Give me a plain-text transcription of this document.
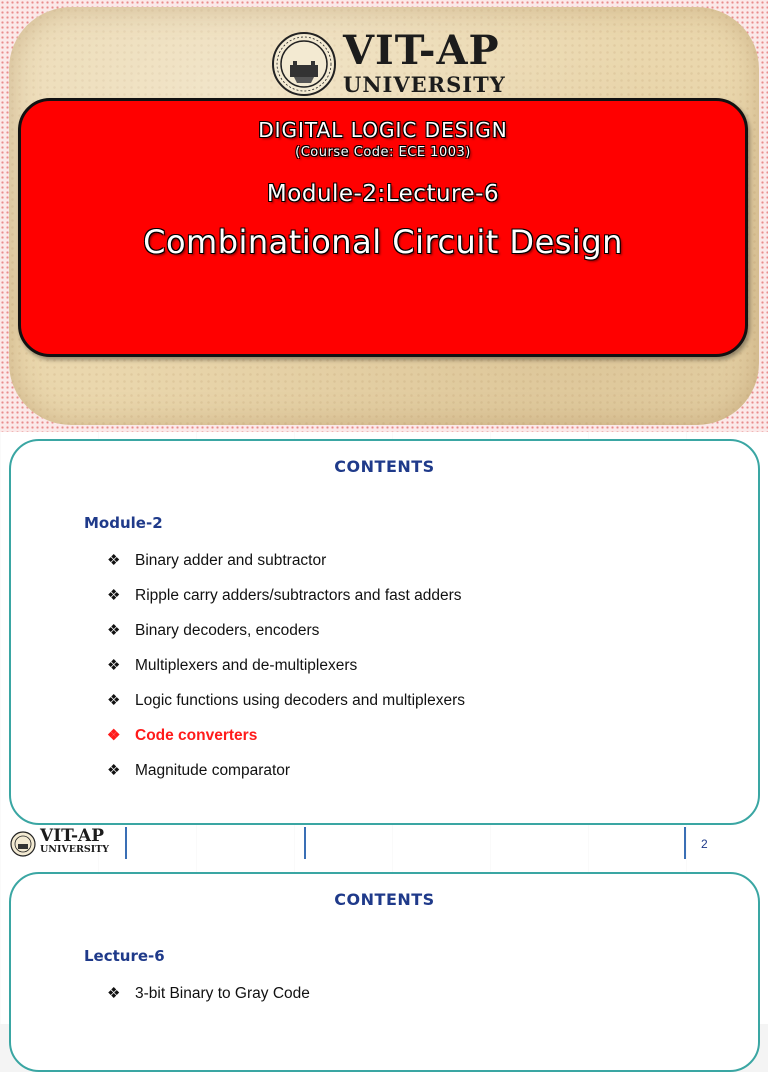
VIT-AP
UNIVERSITY
DIGITAL LOGIC DESIGN
(Course Code: ECE 1003)
Module-2:Lecture-6
Combinational Circuit Design
CONTENTS
Module-2
❖ Binary adder and subtractor
❖ Ripple carry adders/subtractors and fast adders
❖ Binary decoders, encoders
❖ Multiplexers and de-multiplexers
❖ Logic functions using decoders and multiplexers
❖ Code converters
❖ Magnitude comparator
VIT-AP
UNIVERSITY	2
CONTENTS
Lecture-6
❖ 3-bit Binary to Gray Code
